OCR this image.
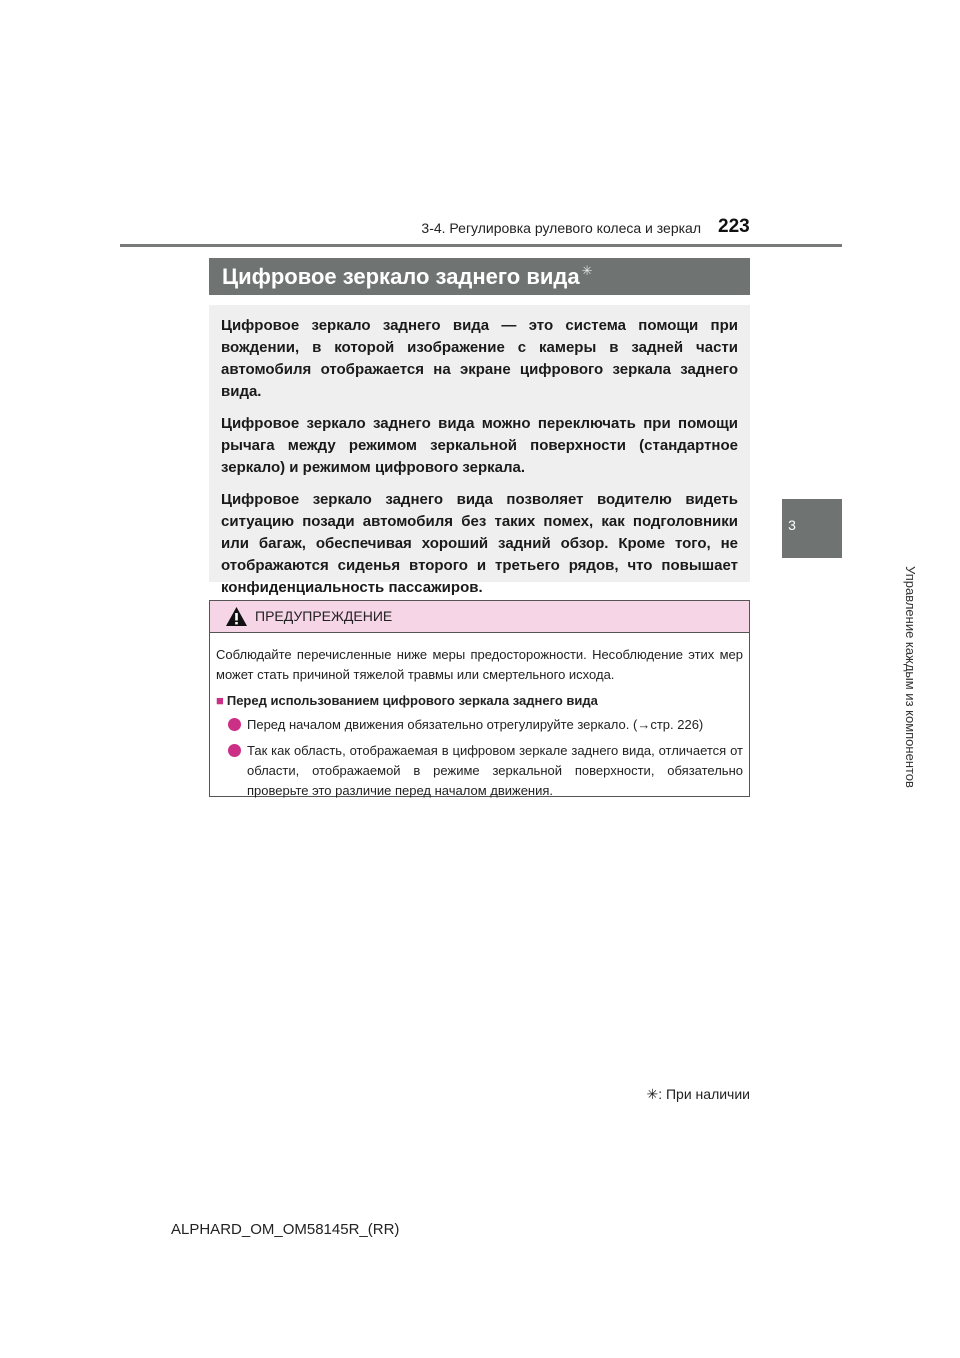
3-4. Регулировка рулевого колеса и зеркал 223
3
Управление каждым из компонентов
Цифровое зеркало заднего вида ✳

Цифровое зеркало заднего вида — это система помощи при вождении, в которой изображение с камеры в задней части автомобиля отображается на экране цифрового зеркала заднего вида.

Цифровое зеркало заднего вида можно переключать при помощи рычага между режимом зеркальной поверхности (стандартное зеркало) и режимом цифрового зеркала.

Цифровое зеркало заднего вида позволяет водителю видеть ситуацию позади автомобиля без таких помех, как подголовники или багаж, обеспечивая хороший задний обзор. Кроме того, не отображаются сиденья второго и третьего рядов, что повышает конфиденциальность пассажиров.

ПРЕДУПРЕЖДЕНИЕ
Соблюдайте перечисленные ниже меры предосторожности. Несоблюдение этих мер может стать причиной тяжелой травмы или смертельного исхода.
■ Перед использованием цифрового зеркала заднего вида
Перед началом движения обязательно отрегулируйте зеркало. (→стр. 226)
Так как область, отображаемая в цифровом зеркале заднего вида, отличается от области, отображаемой в режиме зеркальной поверхности, обязательно проверьте это различие перед началом движения.
✳: При наличии
ALPHARD_OM_OM58145R_(RR)
